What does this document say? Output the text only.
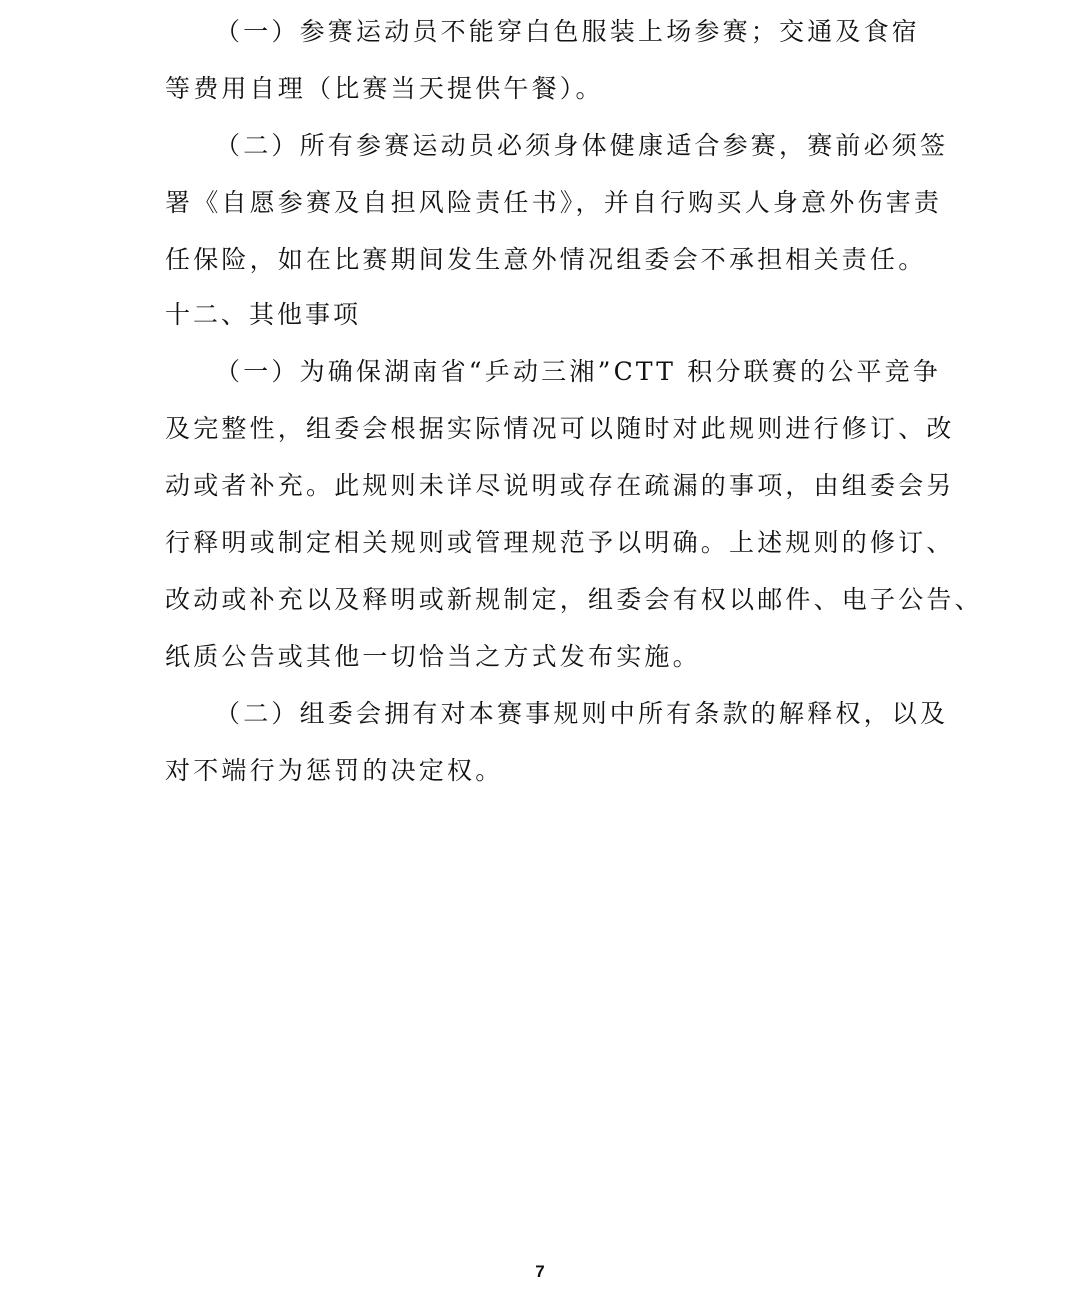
（一）参赛运动员不能穿白色服装上场参赛；交通及食宿
等费用自理（比赛当天提供午餐）。
（二）所有参赛运动员必须身体健康适合参赛，赛前必须签
署《自愿参赛及自担风险责任书》，并自行购买人身意外伤害责
任保险，如在比赛期间发生意外情况组委会不承担相关责任。
十二、其他事项
（一）为确保湖南省“乒动三湘”CTT 积分联赛的公平竞争
及完整性，组委会根据实际情况可以随时对此规则进行修订、改
动或者补充。此规则未详尽说明或存在疏漏的事项，由组委会另
行释明或制定相关规则或管理规范予以明确。上述规则的修订、
改动或补充以及释明或新规制定，组委会有权以邮件、电子公告、
纸质公告或其他一切恰当之方式发布实施。
（二）组委会拥有对本赛事规则中所有条款的解释权，以及
对不端行为惩罚的决定权。
7
